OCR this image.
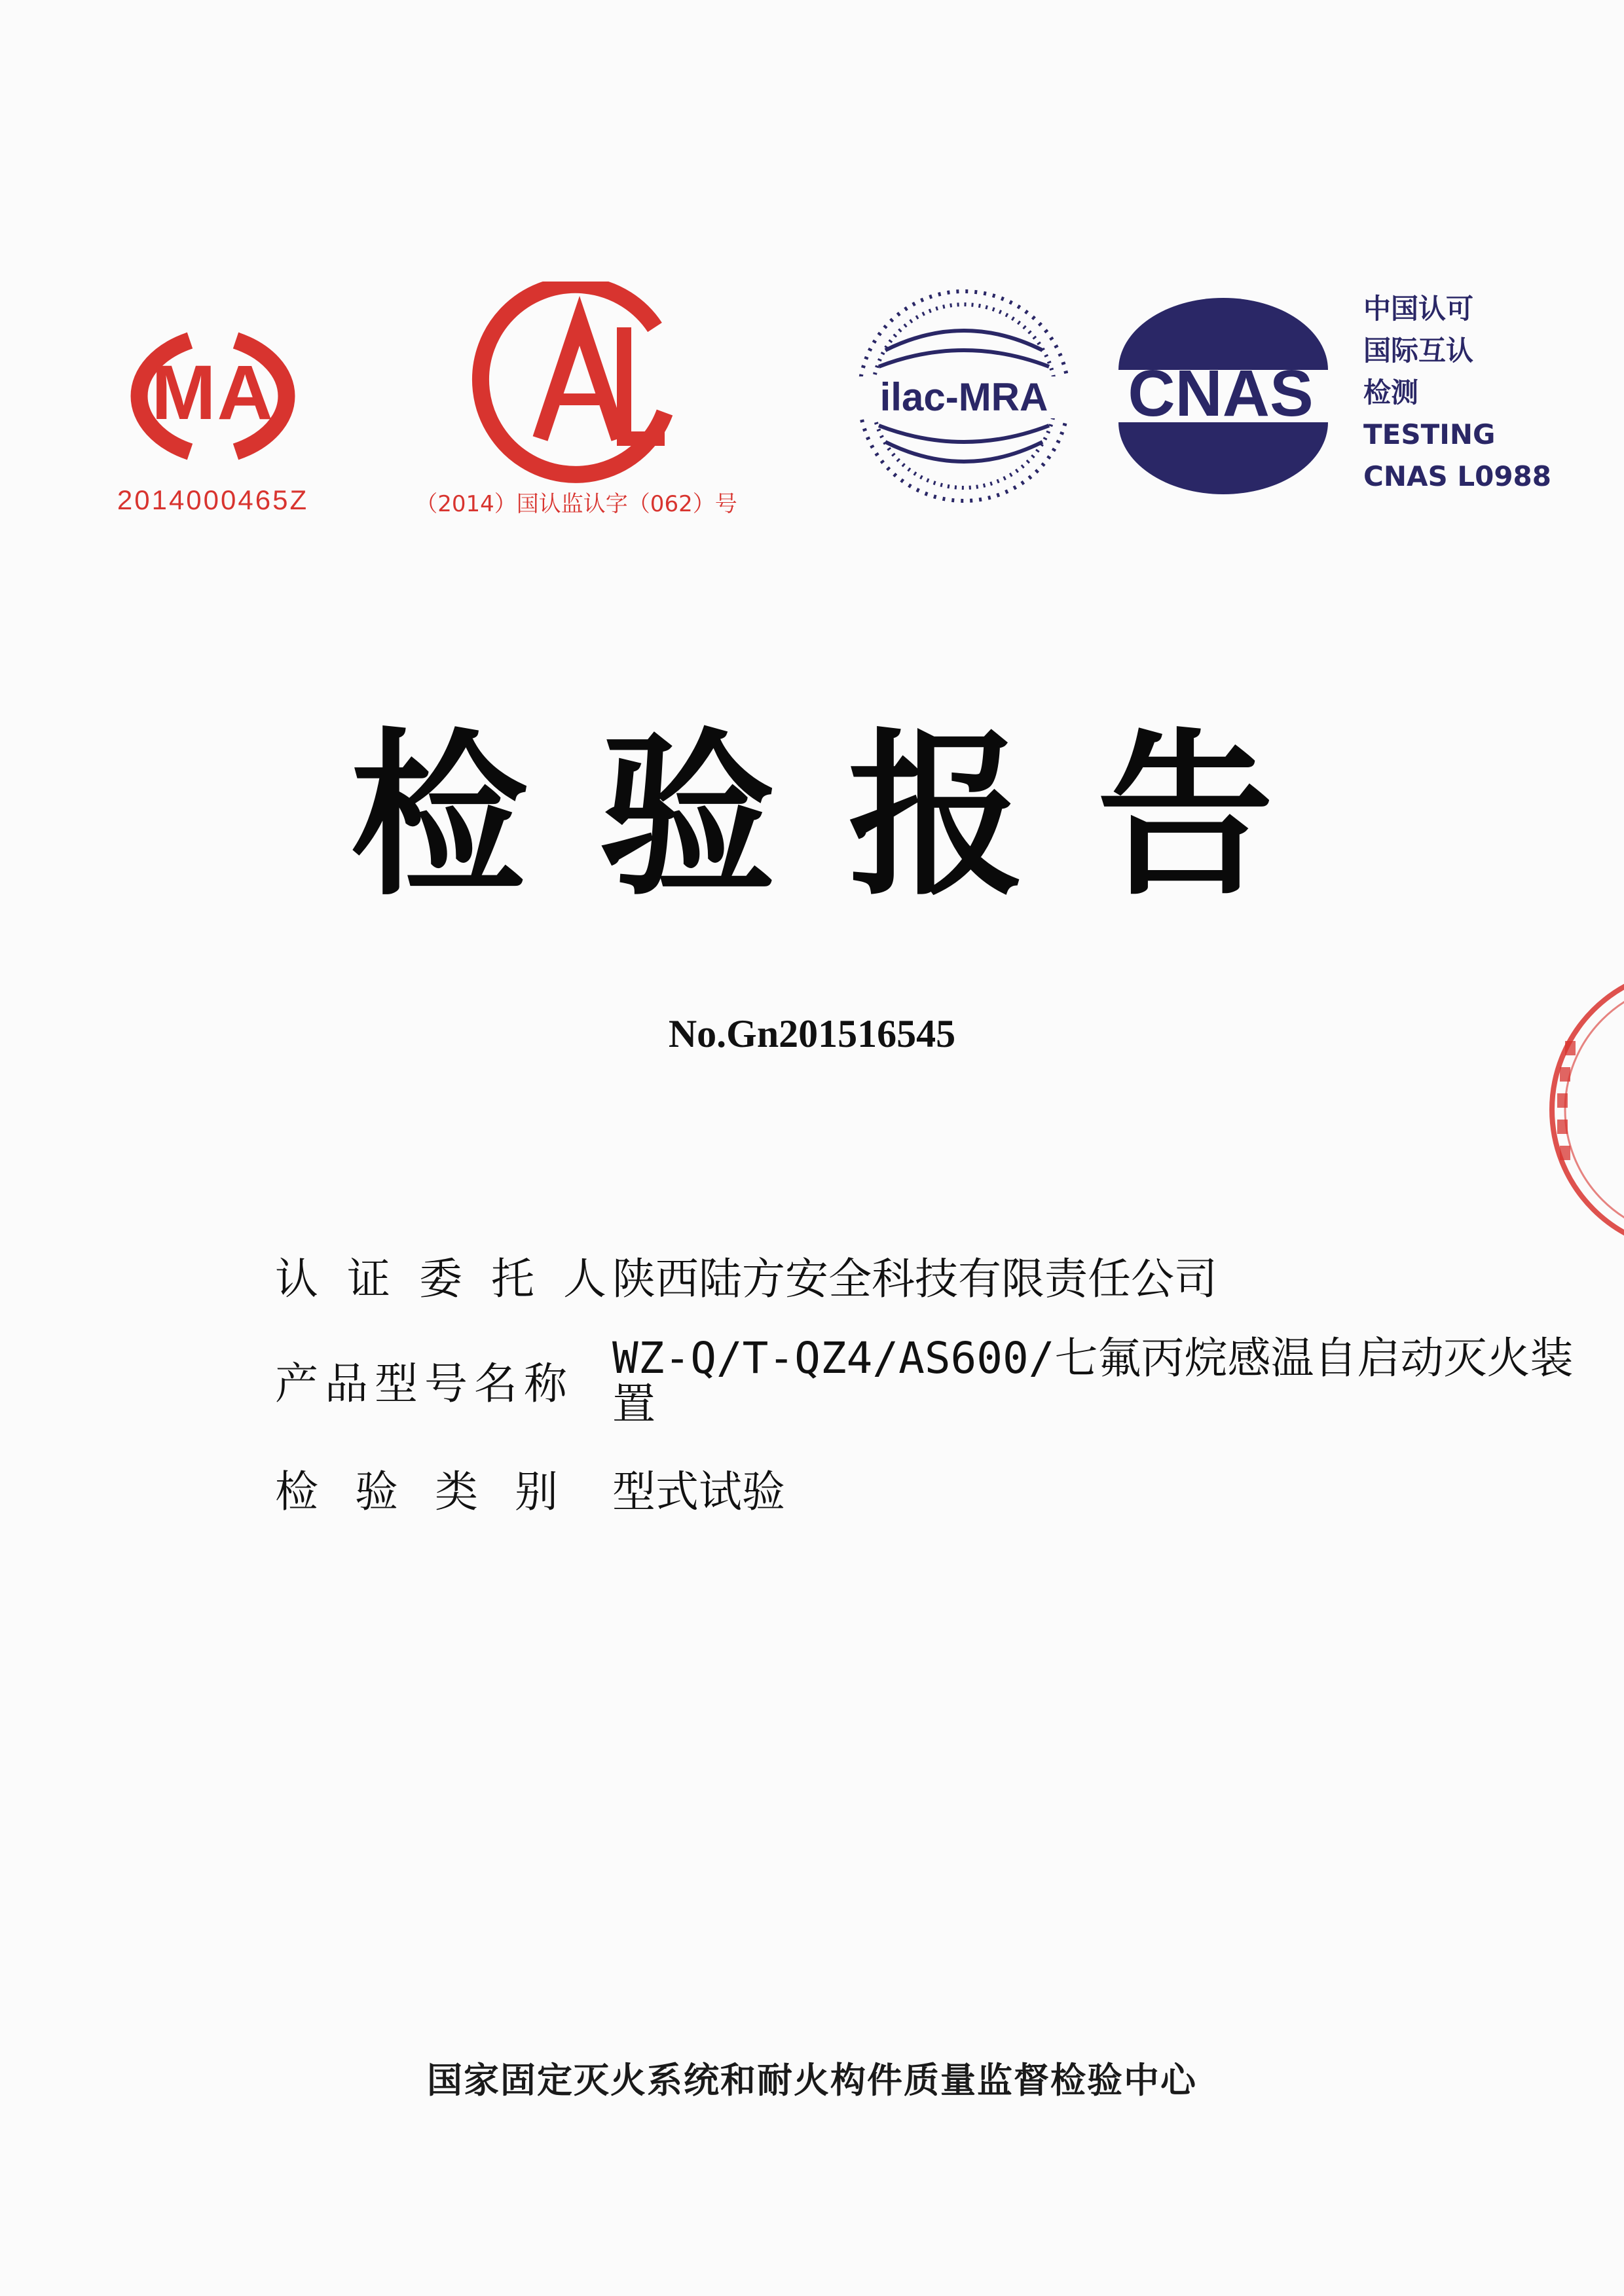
MA
2014000465Z	（2014）国认监认字（062）号
ilac-MRA CNAS
中国认可
国际互认
检测
TESTING
CNAS L0988
检验报告
No.Gn201516545
认证委托人
陕西陆方安全科技有限责任公司
产品型号名称
WZ-Q/T-QZ4/AS600/七氟丙烷感温自启动灭火装置
检验类别 型式试验
国家固定灭火系统和耐火构件质量监督检验中心
